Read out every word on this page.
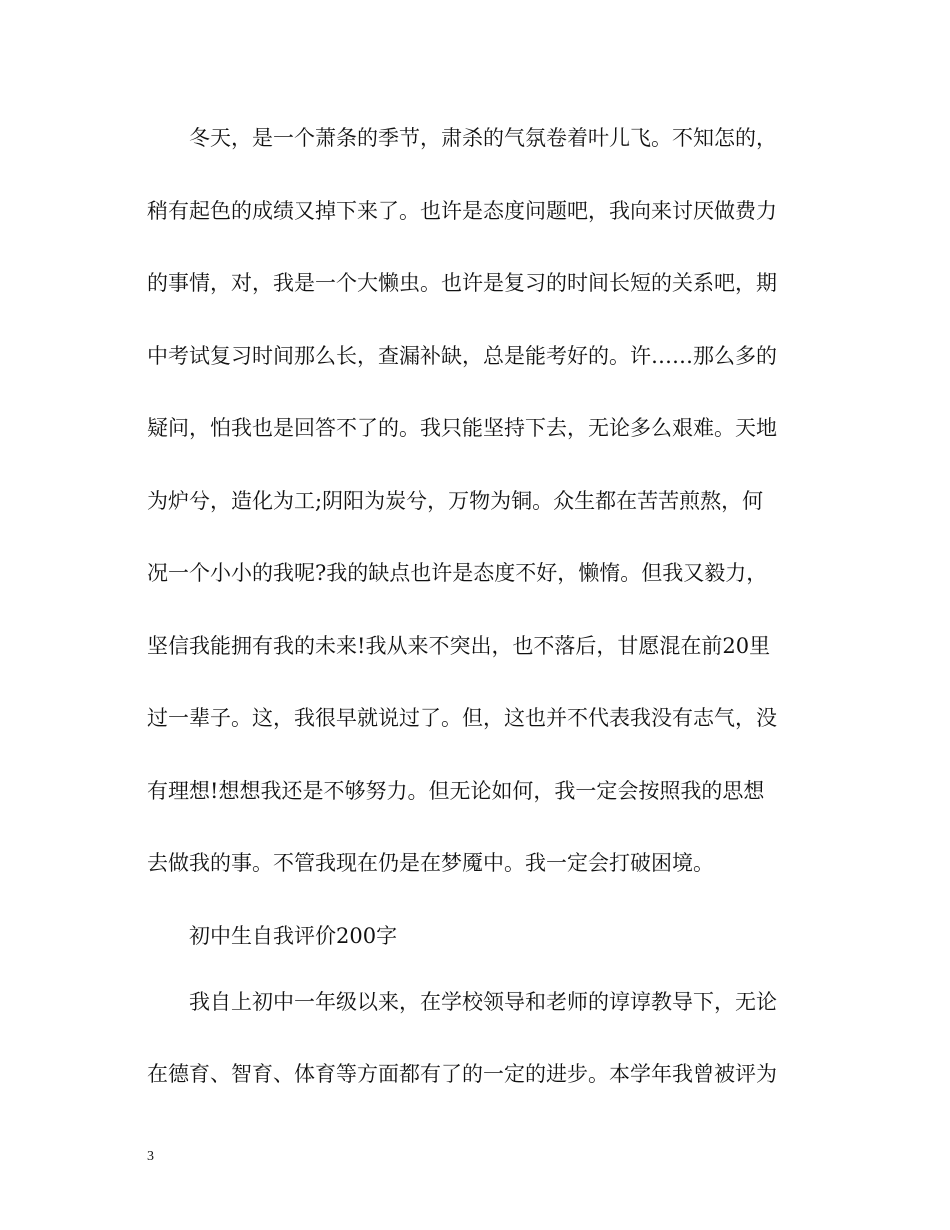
冬天，是一个萧条的季节，肃杀的气氛卷着叶儿飞。不知怎的，
稍有起色的成绩又掉下来了。也许是态度问题吧，我向来讨厌做费力
的事情，对，我是一个大懒虫。也许是复习的时间长短的关系吧，期
中考试复习时间那么长，查漏补缺，总是能考好的。许……那么多的
疑问，怕我也是回答不了的。我只能坚持下去，无论多么艰难。天地
为炉兮，造化为工;阴阳为炭兮，万物为铜。众生都在苦苦煎熬，何
况一个小小的我呢?我的缺点也许是态度不好，懒惰。但我又毅力，
坚信我能拥有我的未来!我从来不突出，也不落后，甘愿混在前20里
过一辈子。这，我很早就说过了。但，这也并不代表我没有志气，没
有理想!想想我还是不够努力。但无论如何，我一定会按照我的思想
去做我的事。不管我现在仍是在梦魇中。我一定会打破困境。
初中生自我评价200字
我自上初中一年级以来，在学校领导和老师的谆谆教导下，无论
在德育、智育、体育等方面都有了的一定的进步。本学年我曾被评为
3
